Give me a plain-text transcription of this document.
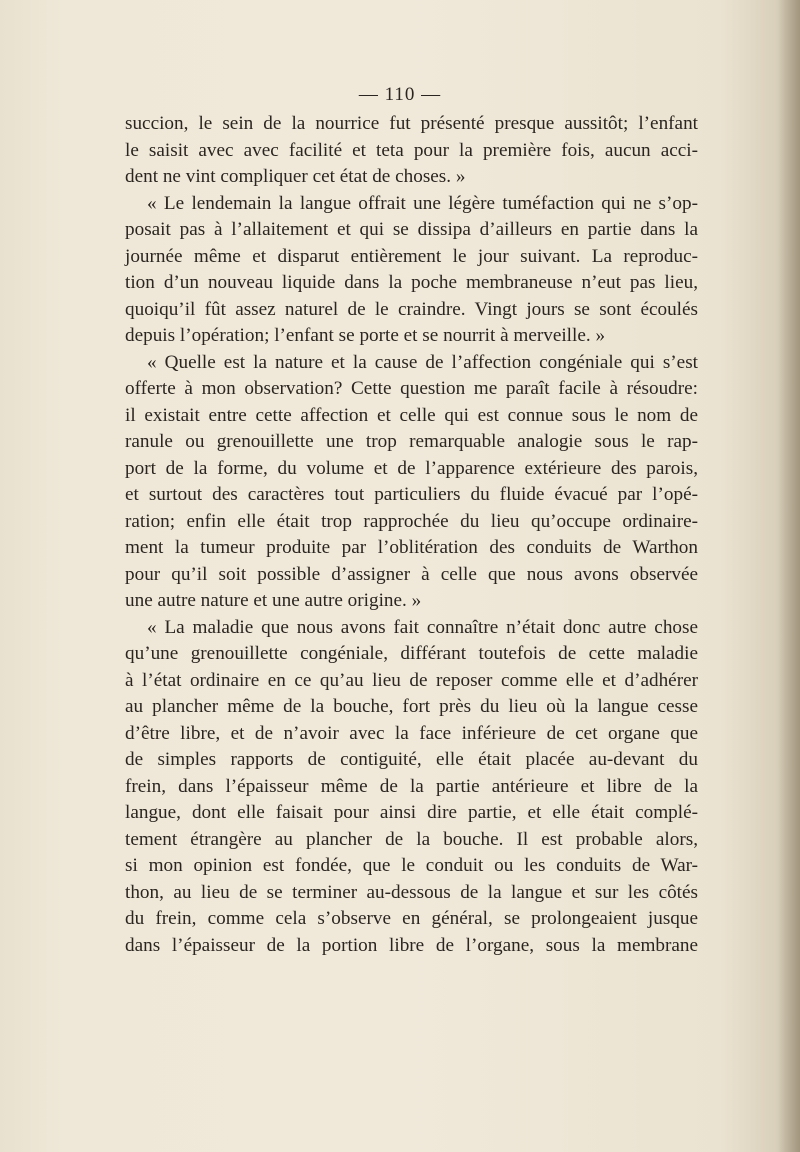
— 110 —
succion, le sein de la nourrice fut présenté presque aussitôt; l’enfant
le saisit avec avec facilité et teta pour la première fois, aucun acci-
dent ne vint compliquer cet état de choses. »
« Le lendemain la langue offrait une légère tuméfaction qui ne s’op-
posait pas à l’allaitement et qui se dissipa d’ailleurs en partie dans la
journée même et disparut entièrement le jour suivant. La reproduc-
tion d’un nouveau liquide dans la poche membraneuse n’eut pas lieu,
quoiqu’il fût assez naturel de le craindre. Vingt jours se sont écoulés
depuis l’opération; l’enfant se porte et se nourrit à merveille. »
« Quelle est la nature et la cause de l’affection congéniale qui s’est
offerte à mon observation? Cette question me paraît facile à résoudre:
il existait entre cette affection et celle qui est connue sous le nom de
ranule ou grenouillette une trop remarquable analogie sous le rap-
port de la forme, du volume et de l’apparence extérieure des parois,
et surtout des caractères tout particuliers du fluide évacué par l’opé-
ration; enfin elle était trop rapprochée du lieu qu’occupe ordinaire-
ment la tumeur produite par l’oblitération des conduits de Warthon
pour qu’il soit possible d’assigner à celle que nous avons observée
une autre nature et une autre origine. »
« La maladie que nous avons fait connaître n’était donc autre chose
qu’une grenouillette congéniale, différant toutefois de cette maladie
à l’état ordinaire en ce qu’au lieu de reposer comme elle et d’adhérer
au plancher même de la bouche, fort près du lieu où la langue cesse
d’être libre, et de n’avoir avec la face inférieure de cet organe que
de simples rapports de contiguité, elle était placée au-devant du
frein, dans l’épaisseur même de la partie antérieure et libre de la
langue, dont elle faisait pour ainsi dire partie, et elle était complé-
tement étrangère au plancher de la bouche. Il est probable alors,
si mon opinion est fondée, que le conduit ou les conduits de War-
thon, au lieu de se terminer au-dessous de la langue et sur les côtés
du frein, comme cela s’observe en général, se prolongeaient jusque
dans l’épaisseur de la portion libre de l’organe, sous la membrane
